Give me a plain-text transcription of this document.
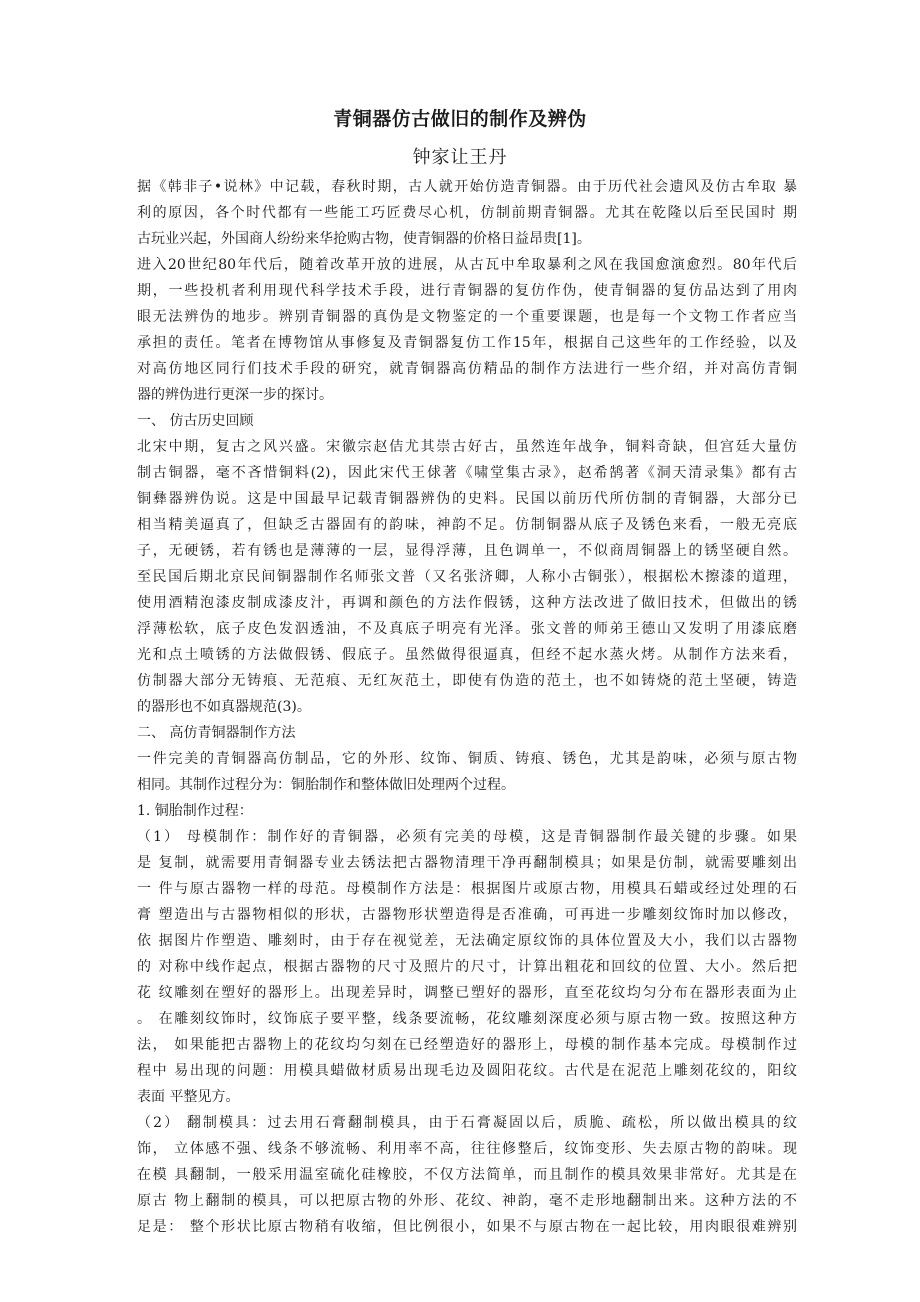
青铜器仿古做旧的制作及辨伪
钟家让王丹
据《韩非子•说林》中记载，春秋时期，古人就开始仿造青铜器。由于历代社会遗风及仿古牟取 暴
利的原因，各个时代都有一些能工巧匠费尽心机，仿制前期青铜器。尤其在乾隆以后至民国时 期
古玩业兴起，外国商人纷纷来华抢购古物，使青铜器的价格日益昂贵[1]。
进入20世纪80年代后，随着改革开放的进展，从古瓦中牟取暴利之风在我国愈演愈烈。80年代后
期，一些投机者利用现代科学技术手段，进行青铜器的复仿作伪，使青铜器的复仿品达到了用肉
眼无法辨伪的地步。辨别青铜器的真伪是文物鉴定的一个重要课题，也是每一个文物工作者应当
承担的责任。笔者在博物馆从事修复及青铜器复仿工作15年，根据自己这些年的工作经验，以及
对高仿地区同行们技术手段的研究，就青铜器高仿精品的制作方法进行一些介绍，并对高仿青铜
器的辨伪进行更深一步的探讨。
一、 仿古历史回顾
北宋中期，复古之风兴盛。宋徽宗赵佶尤其崇古好古，虽然连年战争，铜料奇缺，但宫廷大量仿
制古铜器，毫不吝惜铜料(2)，因此宋代王俅著《啸堂集古录》，赵希鹄著《洞天清录集》都有古
铜彝器辨伪说。这是中国最早记载青铜器辨伪的史料。民国以前历代所仿制的青铜器，大部分已
相当精美逼真了，但缺乏古器固有的韵味，神韵不足。仿制铜器从底子及锈色来看，一般无亮底
子，无硬锈，若有锈也是薄薄的一层，显得浮薄，且色调单一，不似商周铜器上的锈坚硬自然。
至民国后期北京民间铜器制作名师张文普（又名张济卿，人称小古铜张），根据松木擦漆的道理，
使用酒精泡漆皮制成漆皮汁，再调和颜色的方法作假锈，这种方法改进了做旧技术，但做出的锈
浮薄松软，底子皮色发泅透油，不及真底子明亮有光泽。张文普的师弟王德山又发明了用漆底磨
光和点土喷锈的方法做假锈、假底子。虽然做得很逼真，但经不起水蒸火烤。从制作方法来看，
仿制器大部分无铸痕、无范痕、无红灰范土，即使有伪造的范土，也不如铸烧的范土坚硬，铸造
的器形也不如真器规范(3)。
二、 高仿青铜器制作方法
一件完美的青铜器高仿制品，它的外形、纹饰、铜质、铸痕、锈色，尤其是韵味，必须与原古物
相同。其制作过程分为：铜胎制作和整体做旧处理两个过程。
1. 铜胎制作过程：
（1） 母模制作：制作好的青铜器，必须有完美的母模，这是青铜器制作最关键的步骤。如果
是 复制，就需要用青铜器专业去锈法把古器物清理干净再翻制模具；如果是仿制，就需要雕刻出
一 件与原古器物一样的母范。母模制作方法是：根据图片或原古物，用模具石蜡或经过处理的石
膏 塑造出与古器物相似的形状，古器物形状塑造得是否准确，可再进一步雕刻纹饰时加以修改，
依 据图片作塑造、雕刻时，由于存在视觉差，无法确定原纹饰的具体位置及大小，我们以古器物
的 对称中线作起点，根据古器物的尺寸及照片的尺寸，计算出粗花和回纹的位置、大小。然后把
花 纹雕刻在塑好的器形上。出现差异时，调整已塑好的器形，直至花纹均匀分布在器形表面为止
。 在雕刻纹饰时，纹饰底子要平整，线条要流畅，花纹雕刻深度必须与原古物一致。按照这种方
法， 如果能把古器物上的花纹均匀刻在已经塑造好的器形上，母模的制作基本完成。母模制作过
程中 易出现的问题：用模具蜡做材质易出现毛边及圆阳花纹。古代是在泥范上雕刻花纹的，阳纹
表面 平整见方。
（2） 翻制模具：过去用石膏翻制模具，由于石膏凝固以后，质脆、疏松，所以做出模具的纹
饰， 立体感不强、线条不够流畅、利用率不高，往往修整后，纹饰变形、失去原古物的韵味。现
在模 具翻制，一般采用温室硫化硅橡胶，不仅方法简单，而且制作的模具效果非常好。尤其是在
原古 物上翻制的模具，可以把原古物的外形、花纹、神韵，毫不走形地翻制出来。这种方法的不
足是： 整个形状比原古物稍有收缩，但比例很小，如果不与原古物在一起比较，用肉眼很难辨别
